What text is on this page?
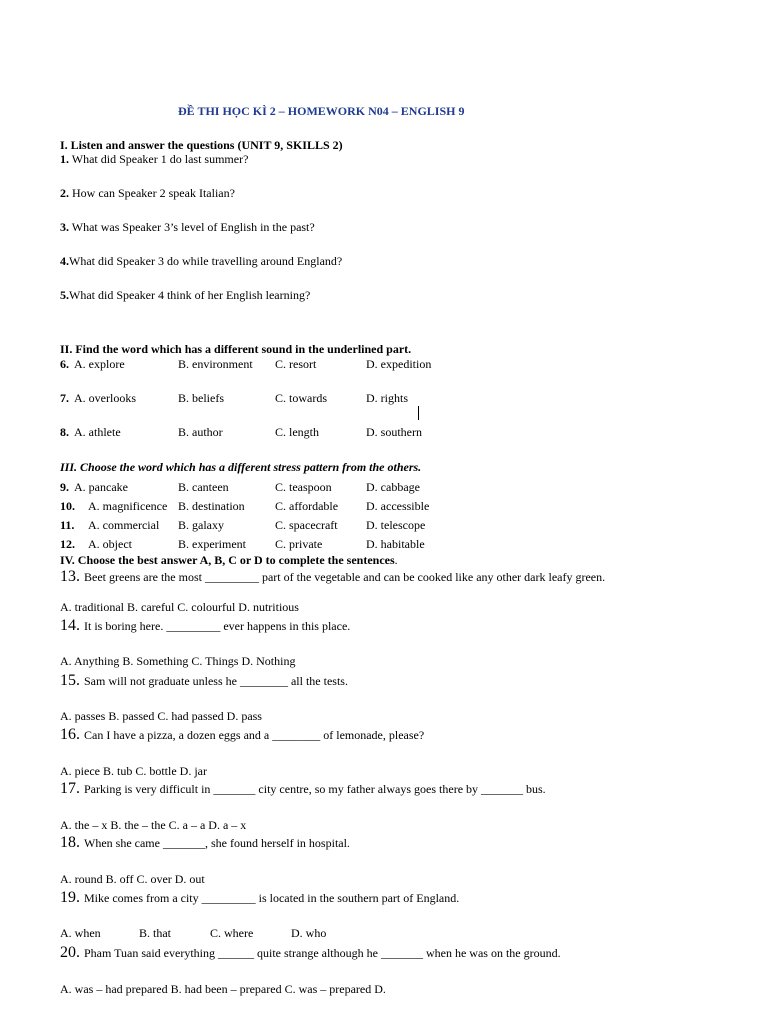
ĐỀ THI HỌC KÌ 2 – HOMEWORK N04 – ENGLISH 9
I. Listen and answer the questions (UNIT 9, SKILLS 2)
1. What did Speaker 1 do last summer?
2. How can Speaker 2 speak Italian?
3. What was Speaker 3’s level of English in the past?
4.What did Speaker 3 do while travelling around England?
5.What did Speaker 4 think of her English learning?
II. Find the word which has a different sound in the underlined part.
6. A. explore	B. environment C. resort	D. expedition
7. A. overlooks	B. beliefs	C. towards	D. rights
8. A. athlete	B. author	C. length	D. southern
III. Choose the word which has a different stress pattern from the others.
9. A. pancake	B. canteen	C. teaspoon	D. cabbage
10. A. magnificence B. destination	C. affordable D. accessible
11. A. commercial B. galaxy	C. spacecraft D. telescope
12. A. object	B. experiment C. private	D. habitable
IV. Choose the best answer A, B, C or D to complete the sentences.
13. Beet greens are the most _________ part of the vegetable and can be cooked like any other dark leafy green.
A. traditional B. careful C. colourful D. nutritious
14. It is boring here. _________ ever happens in this place.
A. Anything B. Something C. Things D. Nothing
15. Sam will not graduate unless he ________ all the tests.
A. passes B. passed C. had passed D. pass
16. Can I have a pizza, a dozen eggs and a ________ of lemonade, please?
A. piece B. tub C. bottle D. jar
17. Parking is very difficult in _______ city centre, so my father always goes there by _______ bus.
A. the – x B. the – the C. a – a D. a – x
18. When she came _______, she found herself in hospital.
A. round B. off C. over D. out
19. Mike comes from a city _________ is located in the southern part of England.
A. when	B. that	C. where	D. who
20. Pham Tuan said everything ______ quite strange although he _______ when he was on the ground.
A. was – had prepared B. had been – prepared C. was – prepared D.
